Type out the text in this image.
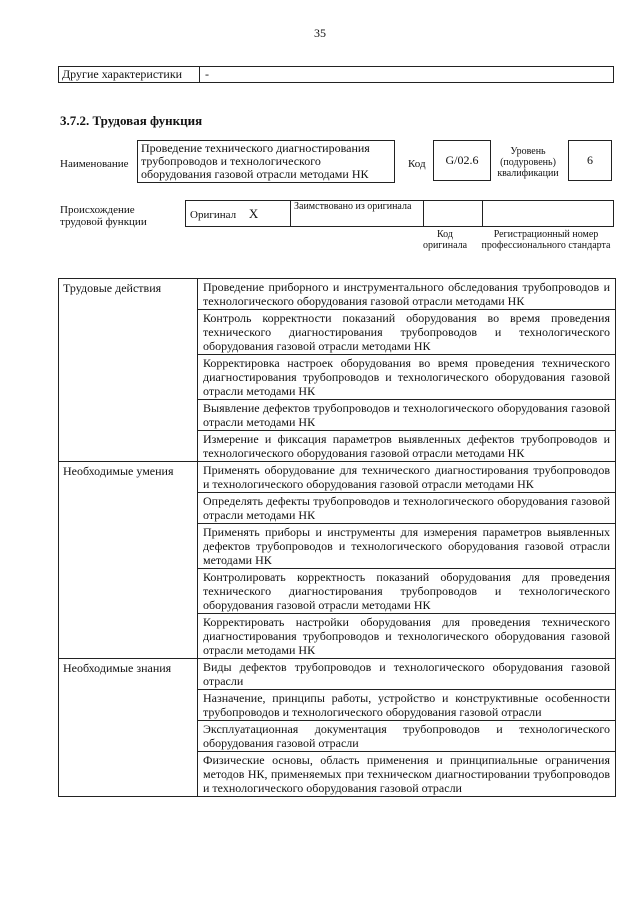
35
Другие характеристики	-
3.7.2. Трудовая функция
Наименование
Проведение технического диагностирования трубопроводов и технологического оборудования газовой отрасли методами НК
Код	G/02.6
Уровень (подуровень) квалификации
6
Происхождение трудовой функции
Оригинал X	Заимствовано из оригинала		
Код оригинала
Регистрационный номер профессионального стандарта
Трудовые действия	Проведение приборного и инструментального обследования трубопроводов и технологического оборудования газовой отрасли методами НК
	Контроль корректности показаний оборудования во время проведения технического диагностирования трубопроводов и технологического оборудования газовой отрасли методами НК
	Корректировка настроек оборудования во время проведения технического диагностирования трубопроводов и технологического оборудования газовой отрасли методами НК
	Выявление дефектов трубопроводов и технологического оборудования газовой отрасли методами НК
	Измерение и фиксация параметров выявленных дефектов трубопроводов и технологического оборудования газовой отрасли методами НК
Необходимые умения	Применять оборудование для технического диагностирования трубопроводов и технологического оборудования газовой отрасли методами НК
	Определять дефекты трубопроводов и технологического оборудования газовой отрасли методами НК
	Применять приборы и инструменты для измерения параметров выявленных дефектов трубопроводов и технологического оборудования газовой отрасли методами НК
	Контролировать корректность показаний оборудования для проведения технического диагностирования трубопроводов и технологического оборудования газовой отрасли методами НК
	Корректировать настройки оборудования для проведения технического диагностирования трубопроводов и технологического оборудования газовой отрасли методами НК
Необходимые знания	Виды дефектов трубопроводов и технологического оборудования газовой отрасли
	Назначение, принципы работы, устройство и конструктивные особенности трубопроводов и технологического оборудования газовой отрасли
	Эксплуатационная документация трубопроводов и технологического оборудования газовой отрасли
	Физические основы, область применения и принципиальные ограничения методов НК, применяемых при техническом диагностировании трубопроводов и технологического оборудования газовой отрасли
